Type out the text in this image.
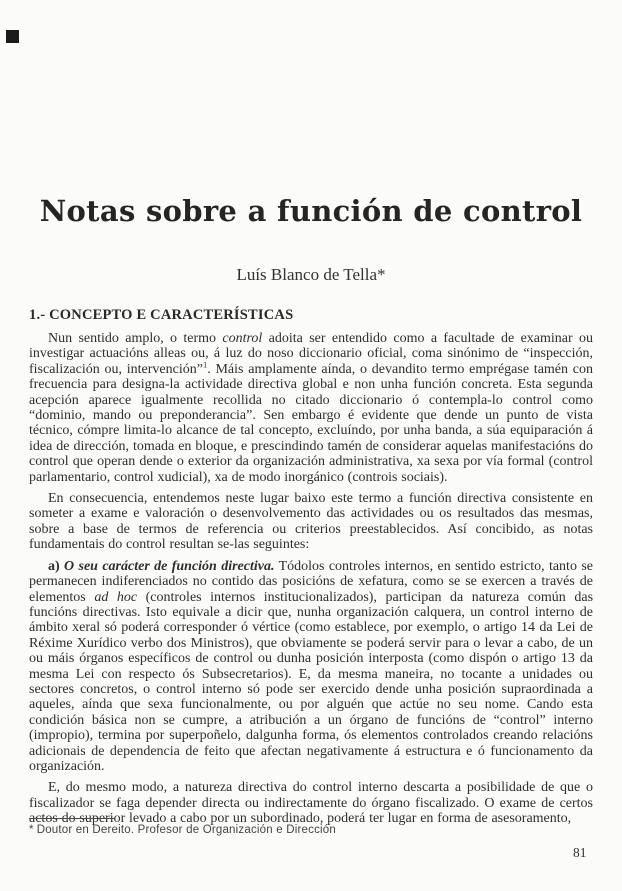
Notas sobre a función de control
Luís Blanco de Tella*
1.- CONCEPTO E CARACTERÍSTICAS

Nun sentido amplo, o termo control adoita ser entendido como a facultade de examinar ou investigar actuacións alleas ou, á luz do noso diccionario oficial, coma sinónimo de “inspección, fiscalización ou, intervención”$^1$. Máis amplamente aínda, o devandito termo emprégase tamén con frecuencia para designa-la actividade directiva global e non unha función concreta. Esta segunda acepción aparece igualmente recollida no citado diccionario ó contempla-lo control como “dominio, mando ou preponderancia”. Sen embargo é evidente que dende un punto de vista técnico, cómpre limita-lo alcance de tal concepto, excluíndo, por unha banda, a súa equiparación á idea de dirección, tomada en bloque, e prescindindo tamén de considerar aquelas manifestacións do control que operan dende o exterior da organización administrativa, xa sexa por vía formal (control parlamentario, control xudicial), xa de modo inorgánico (controis sociais).

En consecuencia, entendemos neste lugar baixo este termo a función directiva consistente en someter a exame e valoración o desenvolvemento das actividades ou os resultados das mesmas, sobre a base de termos de referencia ou criterios preestablecidos. Así concibido, as notas fundamentais do control resultan se-las seguintes:

a) O seu carácter de función directiva. Tódolos controles internos, en sentido estricto, tanto se permanecen indiferenciados no contido das posicións de xefatura, como se se exercen a través de elementos ad hoc (controles internos institucionalizados), participan da natureza común das funcións directivas. Isto equivale a dicir que, nunha organización calquera, un control interno de ámbito xeral só poderá corresponder ó vértice (como establece, por exemplo, o artigo 14 da Lei de Réxime Xurídico verbo dos Ministros), que obviamente se poderá servir para o levar a cabo, de un ou máis órganos específicos de control ou dunha posición interposta (como dispón o artigo 13 da mesma Lei con respecto ós Subsecretarios). E, da mesma maneira, no tocante a unidades ou sectores concretos, o control interno só pode ser exercido dende unha posición supraordinada a aqueles, aínda que sexa funcionalmente, ou por alguén que actúe no seu nome. Cando esta condición básica non se cumpre, a atribución a un órgano de funcións de “control” interno (impropio), termina por superpoñelo, dalgunha forma, ós elementos controlados creando relacións adicionais de dependencia de feito que afectan negativamente á estructura e ó funcionamento da organización.

E, do mesmo modo, a natureza directiva do control interno descarta a posibilidade de que o fiscalizador se faga depender directa ou indirectamente do órgano fiscalizado. O exame de certos actos do superior levado a cabo por un subordinado, poderá ter lugar en forma de asesoramento,

* Doutor en Dereito. Profesor de Organización e Dirección
81
